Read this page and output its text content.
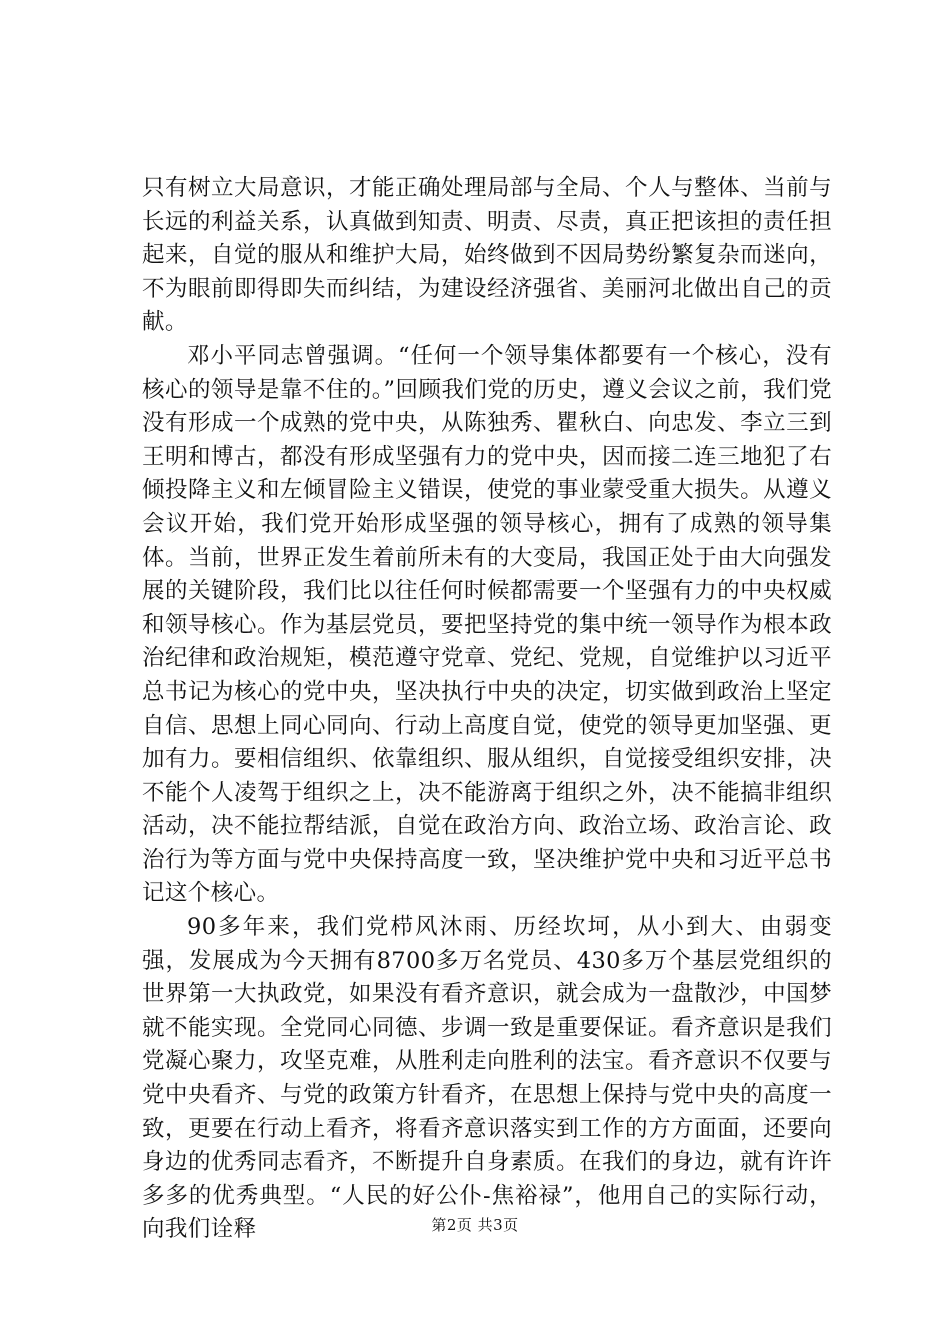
只有树立大局意识，才能正确处理局部与全局、个人与整体、当前与长远的利益关系，认真做到知责、明责、尽责，真正把该担的责任担起来，自觉的服从和维护大局，始终做到不因局势纷繁复杂而迷向，不为眼前即得即失而纠结，为建设经济强省、美丽河北做出自己的贡献。

邓小平同志曾强调。“任何一个领导集体都要有一个核心，没有核心的领导是靠不住的。”回顾我们党的历史，遵义会议之前，我们党没有形成一个成熟的党中央，从陈独秀、瞿秋白、向忠发、李立三到王明和博古，都没有形成坚强有力的党中央，因而接二连三地犯了右倾投降主义和左倾冒险主义错误，使党的事业蒙受重大损失。从遵义会议开始，我们党开始形成坚强的领导核心，拥有了成熟的领导集体。当前，世界正发生着前所未有的大变局，我国正处于由大向强发展的关键阶段，我们比以往任何时候都需要一个坚强有力的中央权威和领导核心。作为基层党员，要把坚持党的集中统一领导作为根本政治纪律和政治规矩，模范遵守党章、党纪、党规，自觉维护以习近平总书记为核心的党中央，坚决执行中央的决定，切实做到政治上坚定自信、思想上同心同向、行动上高度自觉，使党的领导更加坚强、更加有力。要相信组织、依靠组织、服从组织，自觉接受组织安排，决不能个人凌驾于组织之上，决不能游离于组织之外，决不能搞非组织活动，决不能拉帮结派，自觉在政治方向、政治立场、政治言论、政治行为等方面与党中央保持高度一致，坚决维护党中央和习近平总书记这个核心。

90多年来，我们党栉风沐雨、历经坎坷，从小到大、由弱变强，发展成为今天拥有8700多万名党员、430多万个基层党组织的世界第一大执政党，如果没有看齐意识，就会成为一盘散沙，中国梦就不能实现。全党同心同德、步调一致是重要保证。看齐意识是我们党凝心聚力，攻坚克难，从胜利走向胜利的法宝。看齐意识不仅要与党中央看齐、与党的政策方针看齐，在思想上保持与党中央的高度一致，更要在行动上看齐，将看齐意识落实到工作的方方面面，还要向身边的优秀同志看齐，不断提升自身素质。在我们的身边，就有许许多多的优秀典型。“人民的好公仆-焦裕禄”，他用自己的实际行动，向我们诠释	第2页 共3页
